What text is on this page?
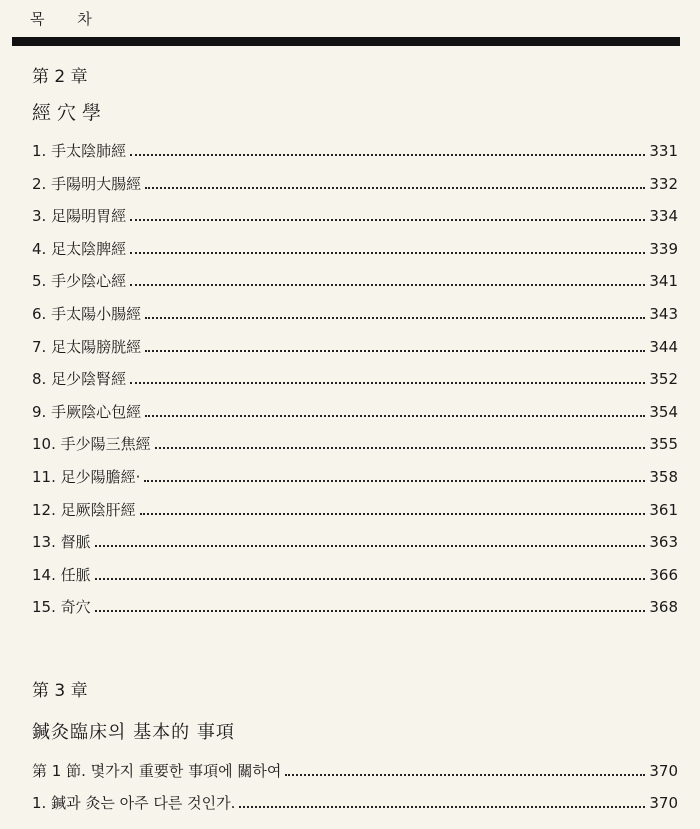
목 차
第 2 章
經穴學
1. 手太陰肺經	331
2. 手陽明大腸經	332
3. 足陽明胃經	334
4. 足太陰脾經	339
5. 手少陰心經	341
6. 手太陽小腸經	343
7. 足太陽膀胱經	344
8. 足少陰腎經	352
9. 手厥陰心包經	354
10. 手少陽三焦經	355
11. 足少陽膽經·	358
12. 足厥陰肝經	361
13. 督脈	363
14. 任脈	366
15. 奇穴	368
第 3 章
鍼灸臨床의 基本的 事項
第 1 節. 몇가지 重要한 事項에 關하여	370
1. 鍼과 灸는 아주 다른 것인가.	370
